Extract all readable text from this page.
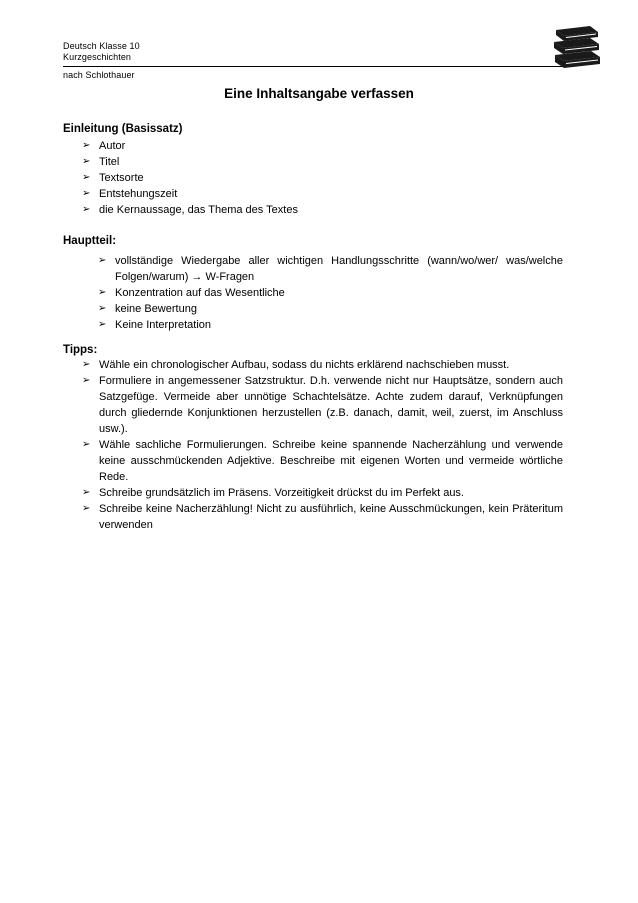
Deutsch Klasse 10
Kurzgeschichten
nach Schlothauer
Eine Inhaltsangabe verfassen
Einleitung (Basissatz)
➢ Autor
➢ Titel
➢ Textsorte
➢ Entstehungszeit
➢ die Kernaussage, das Thema des Textes
Hauptteil:
➢ vollständige Wiedergabe aller wichtigen Handlungsschritte (wann/wo/wer/ was/welche Folgen/warum) → W-Fragen
➢ Konzentration auf das Wesentliche
➢ keine Bewertung
➢ Keine Interpretation
Tipps:
➢ Wähle ein chronologischer Aufbau, sodass du nichts erklärend nachschieben musst.
➢ Formuliere in angemessener Satzstruktur. D.h. verwende nicht nur Hauptsätze, sondern auch Satzgefüge. Vermeide aber unnötige Schachtelsätze. Achte zudem darauf, Verknüpfungen durch gliedernde Konjunktionen herzustellen (z.B. danach, damit, weil, zuerst, im Anschluss usw.).
➢ Wähle sachliche Formulierungen. Schreibe keine spannende Nacherzählung und verwende keine ausschmückenden Adjektive. Beschreibe mit eigenen Worten und vermeide wörtliche Rede.
➢ Schreibe grundsätzlich im Präsens. Vorzeitigkeit drückst du im Perfekt aus.
➢ Schreibe keine Nacherzählung! Nicht zu ausführlich, keine Ausschmückungen, kein Präteritum verwenden
